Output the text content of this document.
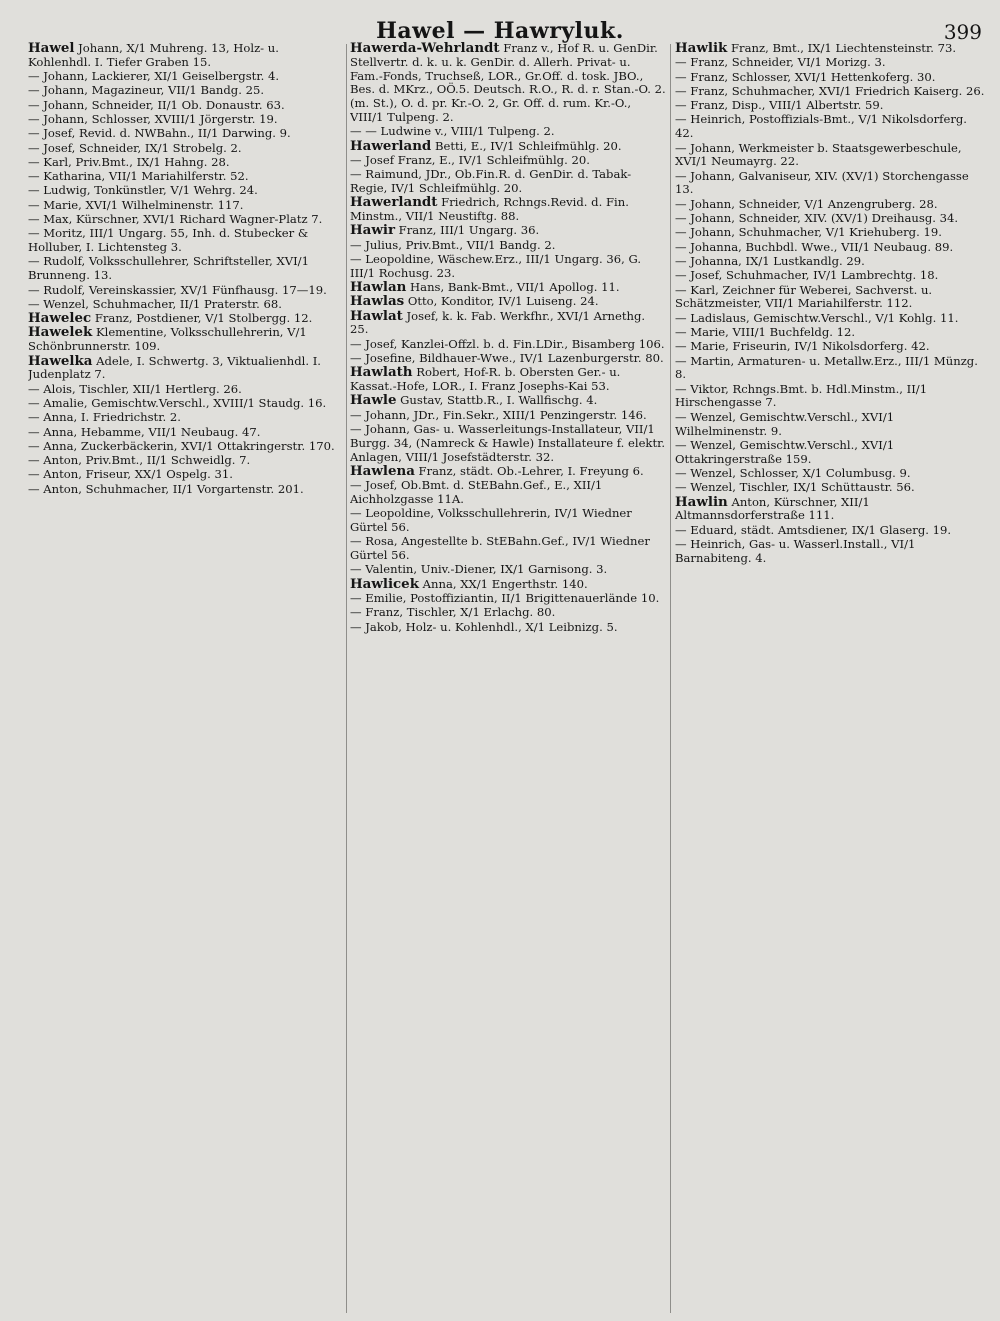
Hawel — Hawryluk.	399
Hawel Johann, X/1 Muhreng. 13, Holz- u. Kohlenhdl. I. Tiefer Graben 15.
— Johann, Lackierer, XI/1 Geiselbergstr. 4.
— Johann, Magazineur, VII/1 Bandg. 25.
— Johann, Schneider, II/1 Ob. Donaustr. 63.
— Johann, Schlosser, XVIII/1 Jörgerstr. 19.
— Josef, Revid. d. NWBahn., II/1 Darwing. 9.
— Josef, Schneider, IX/1 Strobelg. 2.
— Karl, Priv.Bmt., IX/1 Hahng. 28.
— Katharina, VII/1 Mariahilferstr. 52.
— Ludwig, Tonkünstler, V/1 Wehrg. 24.
— Marie, XVI/1 Wilhelminenstr. 117.
— Max, Kürschner, XVI/1 Richard Wagner-Platz 7.
— Moritz, III/1 Ungarg. 55, Inh. d. Stubecker & Holluber, I. Lichtensteg 3.
— Rudolf, Volksschullehrer, Schriftsteller, XVI/1 Brunneng. 13.
— Rudolf, Vereinskassier, XV/1 Fünfhausg. 17—19.
— Wenzel, Schuhmacher, II/1 Praterstr. 68.
Hawelec Franz, Postdiener, V/1 Stolbergg. 12.
Hawelek Klementine, Volksschullehrerin, V/1 Schönbrunnerstr. 109.
Hawelka Adele, I. Schwertg. 3, Viktualienhdl. I. Judenplatz 7.
— Alois, Tischler, XII/1 Hertlerg. 26.
— Amalie, Gemischtw.Verschl., XVIII/1 Staudg. 16.
— Anna, I. Friedrichstr. 2.
— Anna, Hebamme, VII/1 Neubaug. 47.
— Anna, Zuckerbäckerin, XVI/1 Ottakringerstr. 170.
— Anton, Priv.Bmt., II/1 Schweidlg. 7.
— Anton, Friseur, XX/1 Ospelg. 31.
— Anton, Schuhmacher, II/1 Vorgartenstr. 201.
Hawerda-Wehrlandt Franz v., Hof R. u. GenDir. Stellvertr. d. k. u. k. GenDir. d. Allerh. Privat- u. Fam.-Fonds, Truchseß, LOR., Gr.Off. d. tosk. JBO., Bes. d. MKrz., OÖ.5. Deutsch. R.O., R. d. r. Stan.-O. 2. (m. St.), O. d. pr. Kr.-O. 2, Gr. Off. d. rum. Kr.-O., VIII/1 Tulpeng. 2.
— — Ludwine v., VIII/1 Tulpeng. 2.
Hawerland Betti, E., IV/1 Schleifmühlg. 20.
— Josef Franz, E., IV/1 Schleifmühlg. 20.
— Raimund, JDr., Ob.Fin.R. d. GenDir. d. Tabak-Regie, IV/1 Schleifmühlg. 20.
Hawerlandt Friedrich, Rchngs.Revid. d. Fin. Minstm., VII/1 Neustiftg. 88.
Hawir Franz, III/1 Ungarg. 36.
— Julius, Priv.Bmt., VII/1 Bandg. 2.
— Leopoldine, Wäschew.Erz., III/1 Ungarg. 36, G. III/1 Rochusg. 23.
Hawlan Hans, Bank-Bmt., VII/1 Apollog. 11.
Hawlas Otto, Konditor, IV/1 Luiseng. 24.
Hawlat Josef, k. k. Fab. Werkfhr., XVI/1 Arnethg. 25.
— Josef, Kanzlei-Offzl. b. d. Fin.LDir., Bisamberg 106.
— Josefine, Bildhauer-Wwe., IV/1 Lazenburgerstr. 80.
Hawlath Robert, Hof-R. b. Obersten Ger.- u. Kassat.-Hofe, LOR., I. Franz Josephs-Kai 53.
Hawle Gustav, Stattb.R., I. Wallfischg. 4.
— Johann, JDr., Fin.Sekr., XIII/1 Penzingerstr. 146.
— Johann, Gas- u. Wasserleitungs-Installateur, VII/1 Burgg. 34, (Namreck & Hawle) Installateure f. elektr. Anlagen, VIII/1 Josefstädterstr. 32.
Hawlena Franz, städt. Ob.-Lehrer, I. Freyung 6.
— Josef, Ob.Bmt. d. StEBahn.Gef., E., XII/1 Aichholzgasse 11A.
— Leopoldine, Volksschullehrerin, IV/1 Wiedner Gürtel 56.
— Rosa, Angestellte b. StEBahn.Gef., IV/1 Wiedner Gürtel 56.
— Valentin, Univ.-Diener, IX/1 Garnisong. 3.
Hawlicek Anna, XX/1 Engerthstr. 140.
— Emilie, Postoffiziantin, II/1 Brigittenauerlände 10.
— Franz, Tischler, X/1 Erlachg. 80.
— Jakob, Holz- u. Kohlenhdl., X/1 Leibnizg. 5.
Hawlik Franz, Bmt., IX/1 Liechtensteinstr. 73.
— Franz, Schneider, VI/1 Morizg. 3.
— Franz, Schlosser, XVI/1 Hettenkoferg. 30.
— Franz, Schuhmacher, XVI/1 Friedrich Kaiserg. 26.
— Franz, Disp., VIII/1 Albertstr. 59.
— Heinrich, Postoffizials-Bmt., V/1 Nikolsdorferg. 42.
— Johann, Werkmeister b. Staatsgewerbeschule, XVI/1 Neumayrg. 22.
— Johann, Galvaniseur, XIV. (XV/1) Storchengasse 13.
— Johann, Schneider, V/1 Anzengruberg. 28.
— Johann, Schneider, XIV. (XV/1) Dreihausg. 34.
— Johann, Schuhmacher, V/1 Kriehuberg. 19.
— Johanna, Buchbdl. Wwe., VII/1 Neubaug. 89.
— Johanna, IX/1 Lustkandlg. 29.
— Josef, Schuhmacher, IV/1 Lambrechtg. 18.
— Karl, Zeichner für Weberei, Sachverst. u. Schätzmeister, VII/1 Mariahilferstr. 112.
— Ladislaus, Gemischtw.Verschl., V/1 Kohlg. 11.
— Marie, VIII/1 Buchfeldg. 12.
— Marie, Friseurin, IV/1 Nikolsdorferg. 42.
— Martin, Armaturen- u. Metallw.Erz., III/1 Münzg. 8.
— Viktor, Rchngs.Bmt. b. Hdl.Minstm., II/1 Hirschengasse 7.
— Wenzel, Gemischtw.Verschl., XVI/1 Wilhelminenstr. 9.
— Wenzel, Gemischtw.Verschl., XVI/1 Ottakringerstraße 159.
— Wenzel, Schlosser, X/1 Columbusg. 9.
— Wenzel, Tischler, IX/1 Schüttaustr. 56.
Hawlin Anton, Kürschner, XII/1 Altmannsdorferstraße 111.
— Eduard, städt. Amtsdiener, IX/1 Glaserg. 19.
— Heinrich, Gas- u. Wasserl.Install., VI/1 Barnabiteng. 4.
